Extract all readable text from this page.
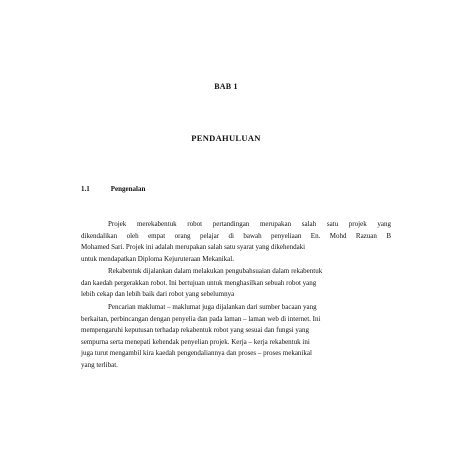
BAB 1
PENDAHULUAN
1.1	Pengenalan
Projek merekabentuk robot pertandingan merupakan salah satu projek yang
dikendalikan oleh empat orang pelajar di bawah penyeliaan En. Mohd Razuan B
Mohamed Sari. Projek ini adalah merupakan salah satu syarat yang dikehendaki
untuk mendapatkan Diploma Kejuruteraan Mekanikal.
Rekabentuk dijalankan dalam melakukan pengubahsuaian dalam rekabentuk
dan kaedah pergerakkan robot. Ini bertujuan untuk menghasilkan sebuah robot yang
lebih cekap dan lebih baik dari robot yang sebelumnya
Pencarian maklumat – maklumat juga dijalankan dari sumber bacaan yang
berkaitan, perbincangan dengan penyelia dan pada laman – laman web di internet. Ini
mempengaruhi keputusan terhadap rekabentuk robot yang sesuai dan fungsi yang
sempurna serta menepati kehendak penyelian projek. Kerja – kerja rekabentuk ini
juga turut mengambil kira kaedah pengendaliannya dan proses – proses mekanikal
yang terlibat.
